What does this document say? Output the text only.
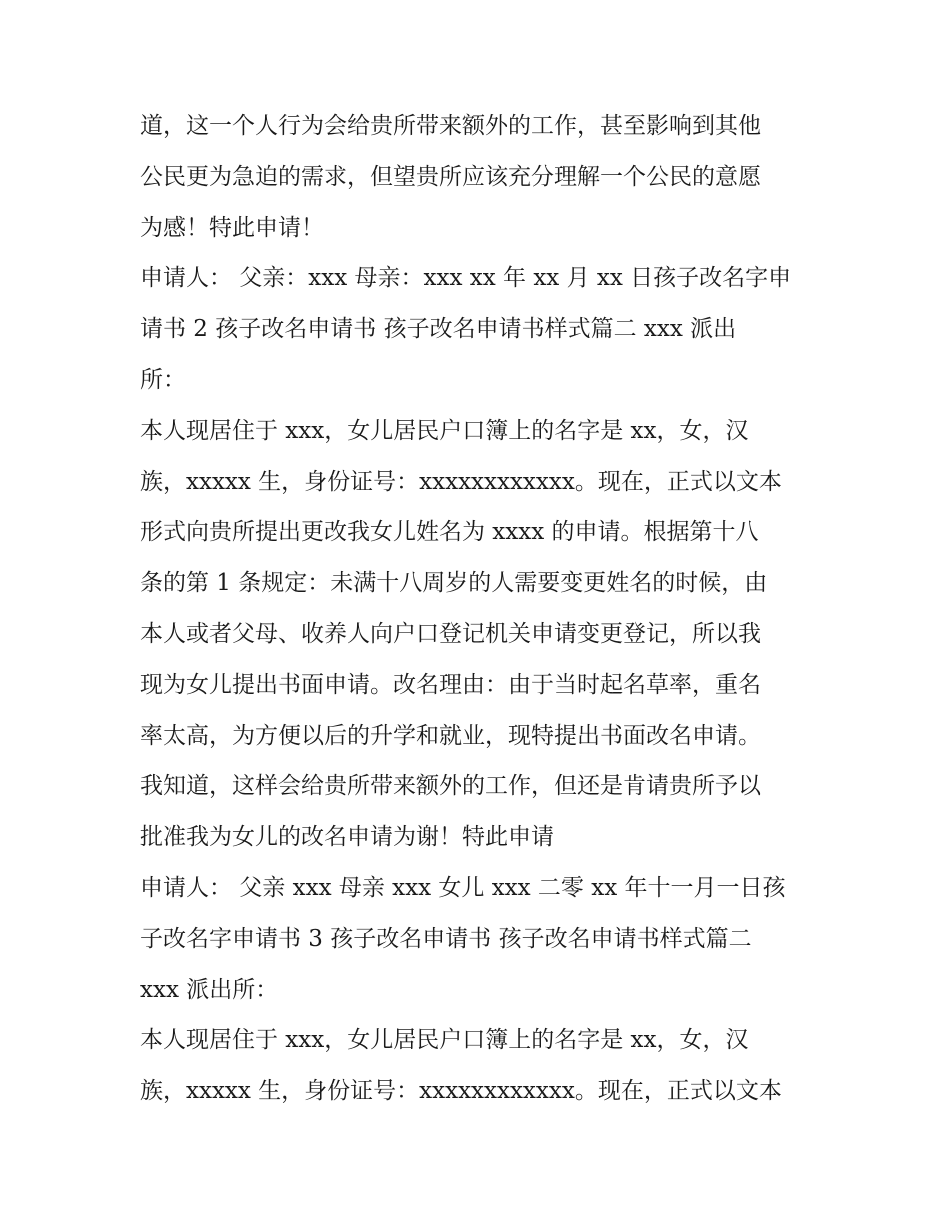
道，这一个人行为会给贵所带来额外的工作，甚至影响到其他
公民更为急迫的需求，但望贵所应该充分理解一个公民的意愿
为感！特此申请！
申请人： 父亲：xxx 母亲：xxx xx 年 xx 月 xx 日孩子改名字申
请书 2 孩子改名申请书 孩子改名申请书样式篇二 xxx 派出
所：
本人现居住于 xxx，女儿居民户口簿上的名字是 xx，女，汉
族，xxxxx 生，身份证号：xxxxxxxxxxxx。现在，正式以文本
形式向贵所提出更改我女儿姓名为 xxxx 的申请。根据第十八
条的第 1 条规定：未满十八周岁的人需要变更姓名的时候，由
本人或者父母、收养人向户口登记机关申请变更登记，所以我
现为女儿提出书面申请。改名理由：由于当时起名草率，重名
率太高，为方便以后的升学和就业，现特提出书面改名申请。
我知道，这样会给贵所带来额外的工作，但还是肯请贵所予以
批准我为女儿的改名申请为谢！特此申请
申请人： 父亲 xxx 母亲 xxx 女儿 xxx 二零 xx 年十一月一日孩
子改名字申请书 3 孩子改名申请书 孩子改名申请书样式篇二
xxx 派出所：
本人现居住于 xxx，女儿居民户口簿上的名字是 xx，女，汉
族，xxxxx 生，身份证号：xxxxxxxxxxxx。现在，正式以文本
